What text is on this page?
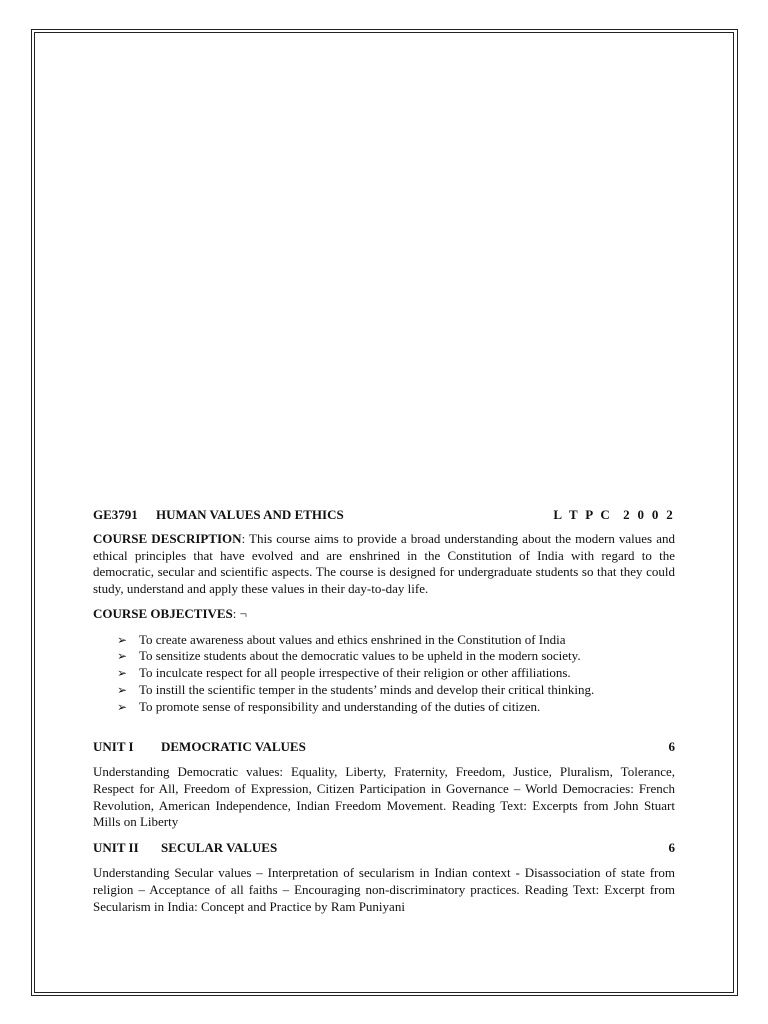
GE3791 HUMAN VALUES AND ETHICS	L T P C  2 0 0 2

COURSE DESCRIPTION: This course aims to provide a broad understanding about the modern values and ethical principles that have evolved and are enshrined in the Constitution of India with regard to the democratic, secular and scientific aspects. The course is designed for undergraduate students so that they could study, understand and apply these values in their day-to-day life.

COURSE OBJECTIVES: ¬
➢ To create awareness about values and ethics enshrined in the Constitution of India
➢ To sensitize students about the democratic values to be upheld in the modern society.
➢ To inculcate respect for all people irrespective of their religion or other affiliations.
➢ To instill the scientific temper in the students’ minds and develop their critical thinking.
➢ To promote sense of responsibility and understanding of the duties of citizen.
UNIT I DEMOCRATIC VALUES	6

Understanding Democratic values: Equality, Liberty, Fraternity, Freedom, Justice, Pluralism, Tolerance, Respect for All, Freedom of Expression, Citizen Participation in Governance – World Democracies: French Revolution, American Independence, Indian Freedom Movement. Reading Text: Excerpts from John Stuart Mills on Liberty

UNIT II SECULAR VALUES	6

Understanding Secular values – Interpretation of secularism in Indian context - Disassociation of state from religion – Acceptance of all faiths – Encouraging non-discriminatory practices. Reading Text: Excerpt from Secularism in India: Concept and Practice by Ram Puniyani
